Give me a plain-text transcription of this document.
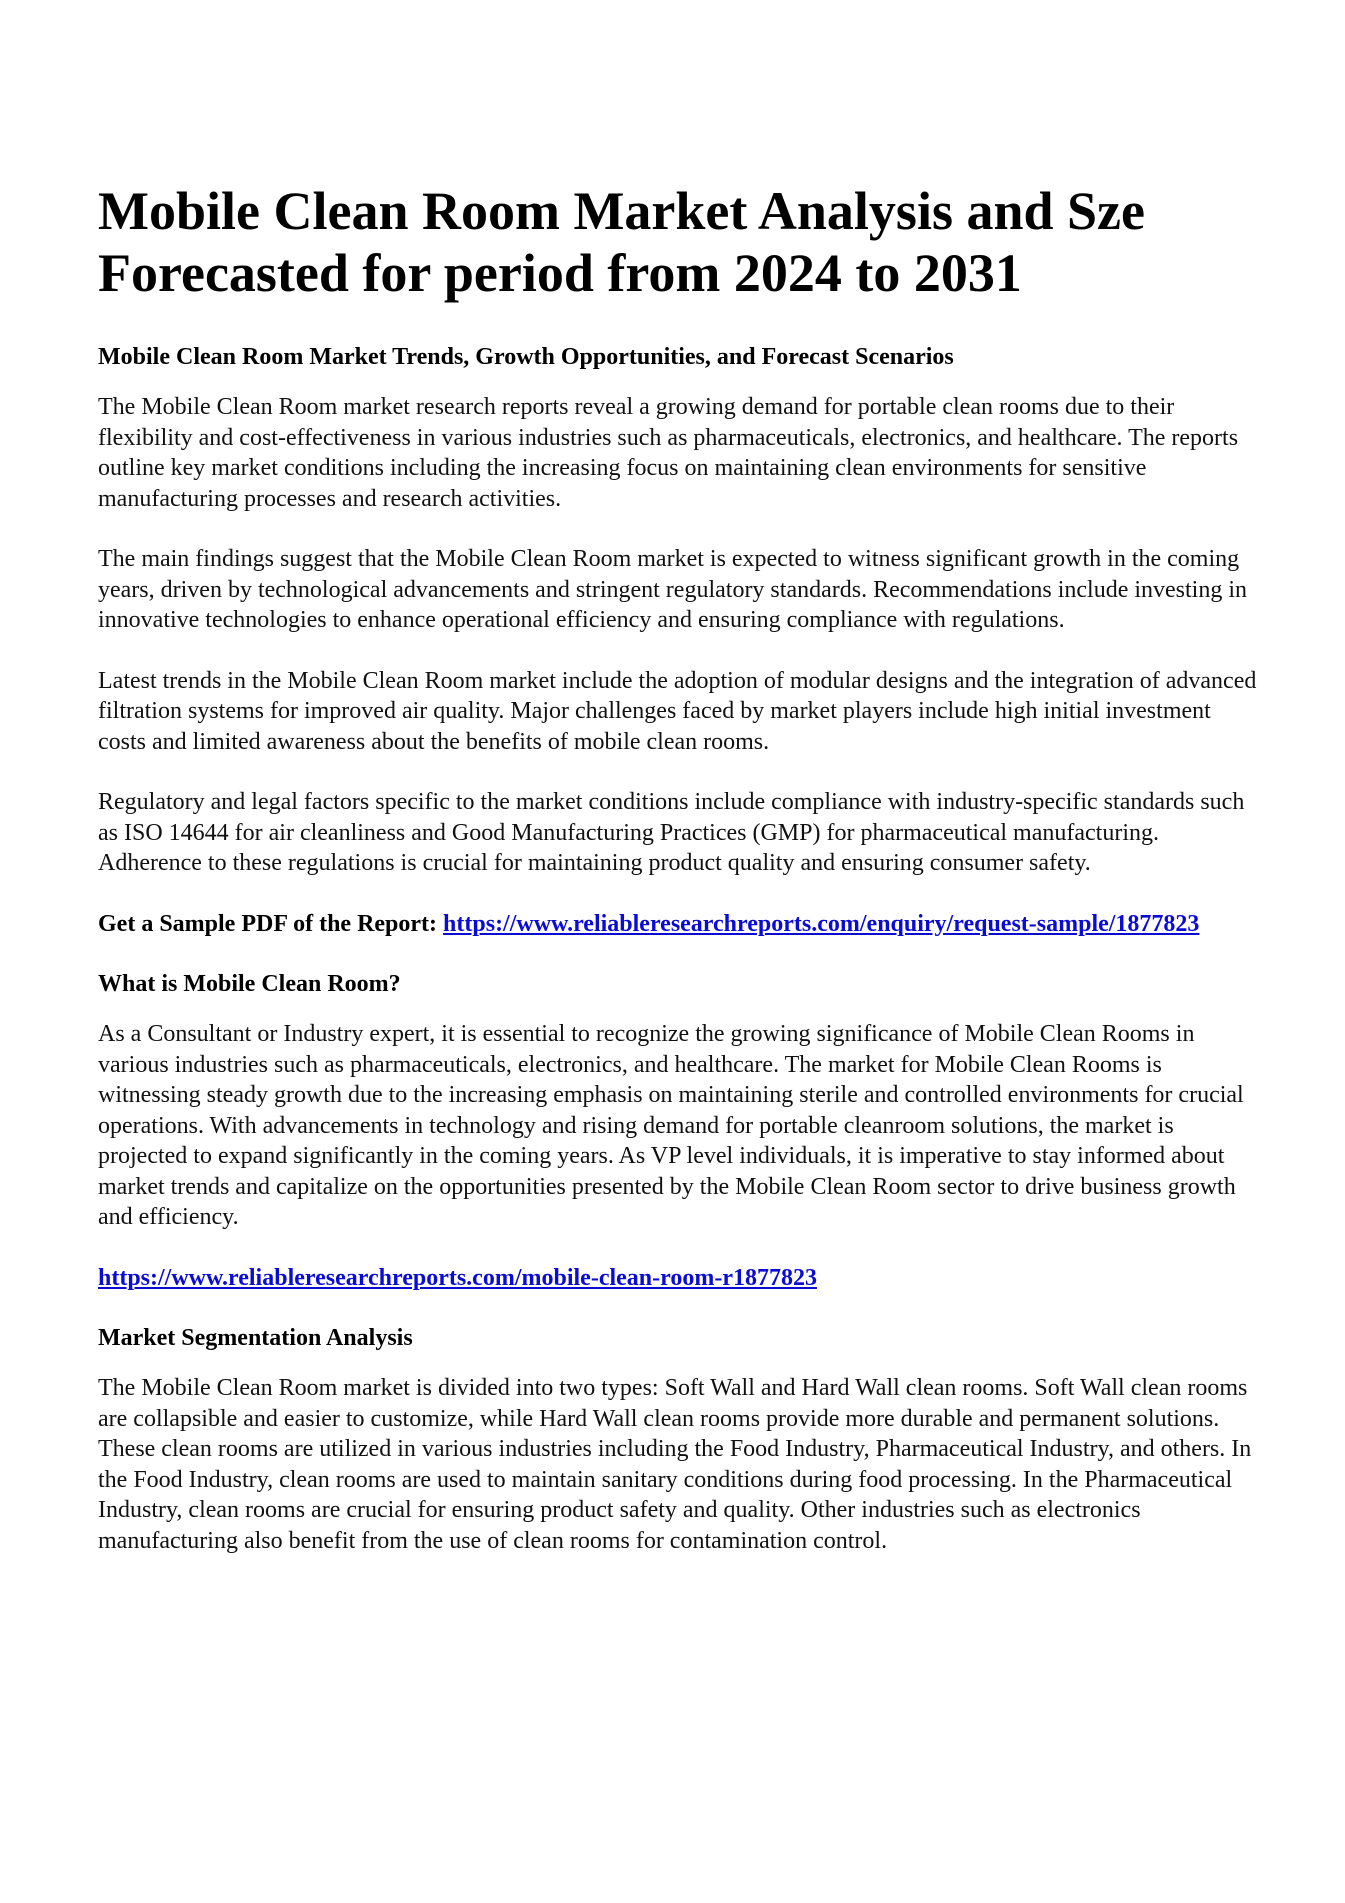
Mobile Clean Room Market Analysis and Sze Forecasted for period from 2024 to 2031
Mobile Clean Room Market Trends, Growth Opportunities, and Forecast Scenarios

The Mobile Clean Room market research reports reveal a growing demand for portable clean rooms due to their flexibility and cost-effectiveness in various industries such as pharmaceuticals, electronics, and healthcare. The reports outline key market conditions including the increasing focus on maintaining clean environments for sensitive manufacturing processes and research activities.

The main findings suggest that the Mobile Clean Room market is expected to witness significant growth in the coming years, driven by technological advancements and stringent regulatory standards. Recommendations include investing in innovative technologies to enhance operational efficiency and ensuring compliance with regulations.

Latest trends in the Mobile Clean Room market include the adoption of modular designs and the integration of advanced filtration systems for improved air quality. Major challenges faced by market players include high initial investment costs and limited awareness about the benefits of mobile clean rooms.

Regulatory and legal factors specific to the market conditions include compliance with industry-specific standards such as ISO 14644 for air cleanliness and Good Manufacturing Practices (GMP) for pharmaceutical manufacturing. Adherence to these regulations is crucial for maintaining product quality and ensuring consumer safety.

Get a Sample PDF of the Report: https://www.reliableresearchreports.com/enquiry/request-sample/1877823

What is Mobile Clean Room?

As a Consultant or Industry expert, it is essential to recognize the growing significance of Mobile Clean Rooms in various industries such as pharmaceuticals, electronics, and healthcare. The market for Mobile Clean Rooms is witnessing steady growth due to the increasing emphasis on maintaining sterile and controlled environments for crucial operations. With advancements in technology and rising demand for portable cleanroom solutions, the market is projected to expand significantly in the coming years. As VP level individuals, it is imperative to stay informed about market trends and capitalize on the opportunities presented by the Mobile Clean Room sector to drive business growth and efficiency.

https://www.reliableresearchreports.com/mobile-clean-room-r1877823

Market Segmentation Analysis

The Mobile Clean Room market is divided into two types: Soft Wall and Hard Wall clean rooms. Soft Wall clean rooms are collapsible and easier to customize, while Hard Wall clean rooms provide more durable and permanent solutions. These clean rooms are utilized in various industries including the Food Industry, Pharmaceutical Industry, and others. In the Food Industry, clean rooms are used to maintain sanitary conditions during food processing. In the Pharmaceutical Industry, clean rooms are crucial for ensuring product safety and quality. Other industries such as electronics manufacturing also benefit from the use of clean rooms for contamination control.
